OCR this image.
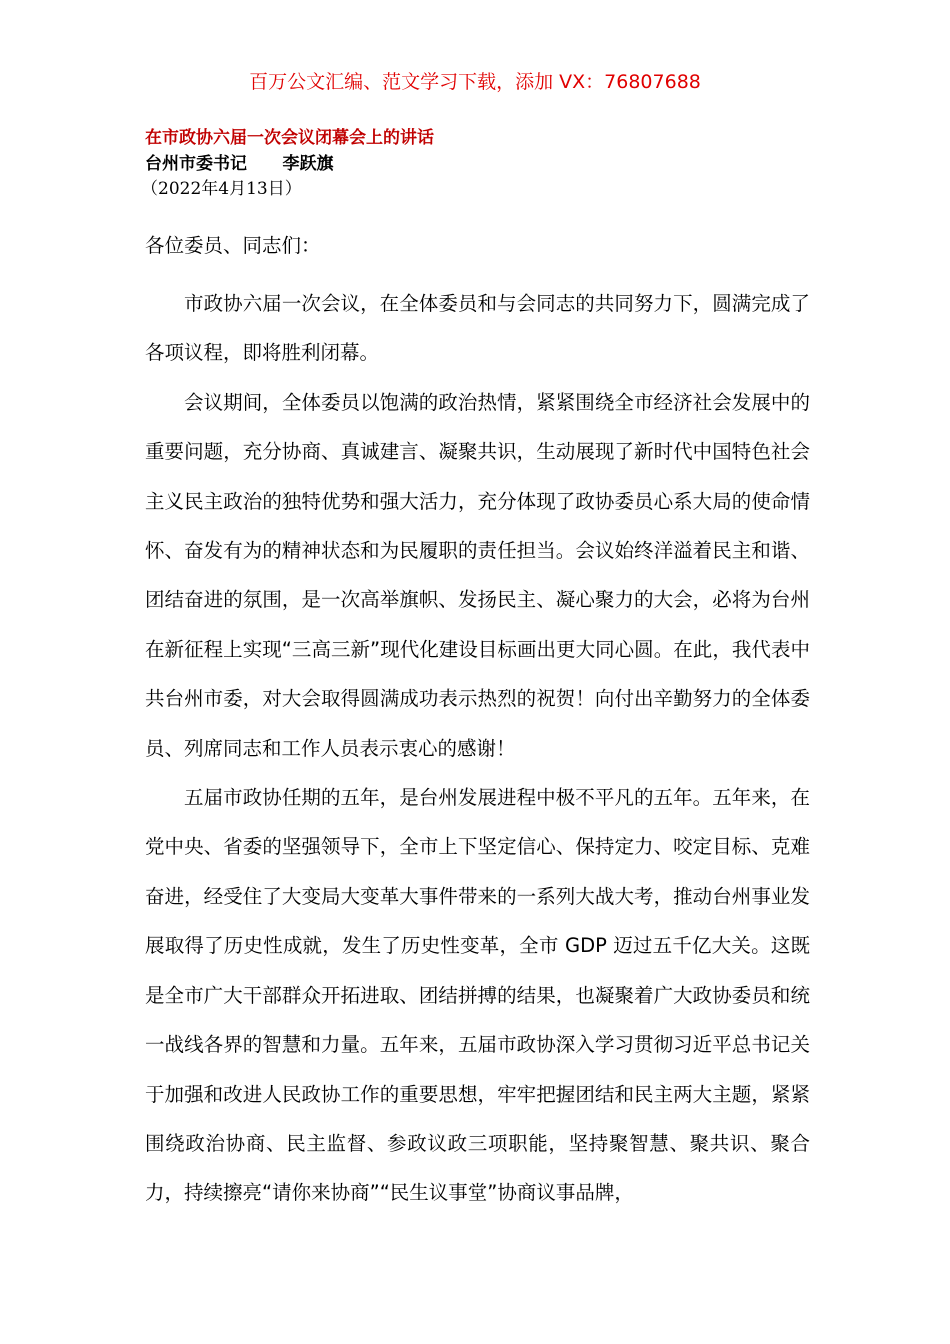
百万公文汇编、范文学习下载，添加 VX：76807688
在市政协六届一次会议闭幕会上的讲话
台州市委书记      李跃旗
（2022年4月13日）
各位委员、同志们：

市政协六届一次会议，在全体委员和与会同志的共同努力下，圆满完成了各项议程，即将胜利闭幕。

会议期间，全体委员以饱满的政治热情，紧紧围绕全市经济社会发展中的重要问题，充分协商、真诚建言、凝聚共识，生动展现了新时代中国特色社会主义民主政治的独特优势和强大活力，充分体现了政协委员心系大局的使命情怀、奋发有为的精神状态和为民履职的责任担当。会议始终洋溢着民主和谐、团结奋进的氛围，是一次高举旗帜、发扬民主、凝心聚力的大会，必将为台州在新征程上实现“三高三新”现代化建设目标画出更大同心圆。在此，我代表中共台州市委，对大会取得圆满成功表示热烈的祝贺！向付出辛勤努力的全体委员、列席同志和工作人员表示衷心的感谢！

五届市政协任期的五年，是台州发展进程中极不平凡的五年。五年来，在党中央、省委的坚强领导下，全市上下坚定信心、保持定力、咬定目标、克难奋进，经受住了大变局大变革大事件带来的一系列大战大考，推动台州事业发展取得了历史性成就，发生了历史性变革，全市 GDP 迈过五千亿大关。这既是全市广大干部群众开拓进取、团结拼搏的结果，也凝聚着广大政协委员和统一战线各界的智慧和力量。五年来，五届市政协深入学习贯彻习近平总书记关于加强和改进人民政协工作的重要思想，牢牢把握团结和民主两大主题，紧紧围绕政治协商、民主监督、参政议政三项职能，坚持聚智慧、聚共识、聚合力，持续擦亮“请你来协商”“民生议事堂”协商议事品牌，
